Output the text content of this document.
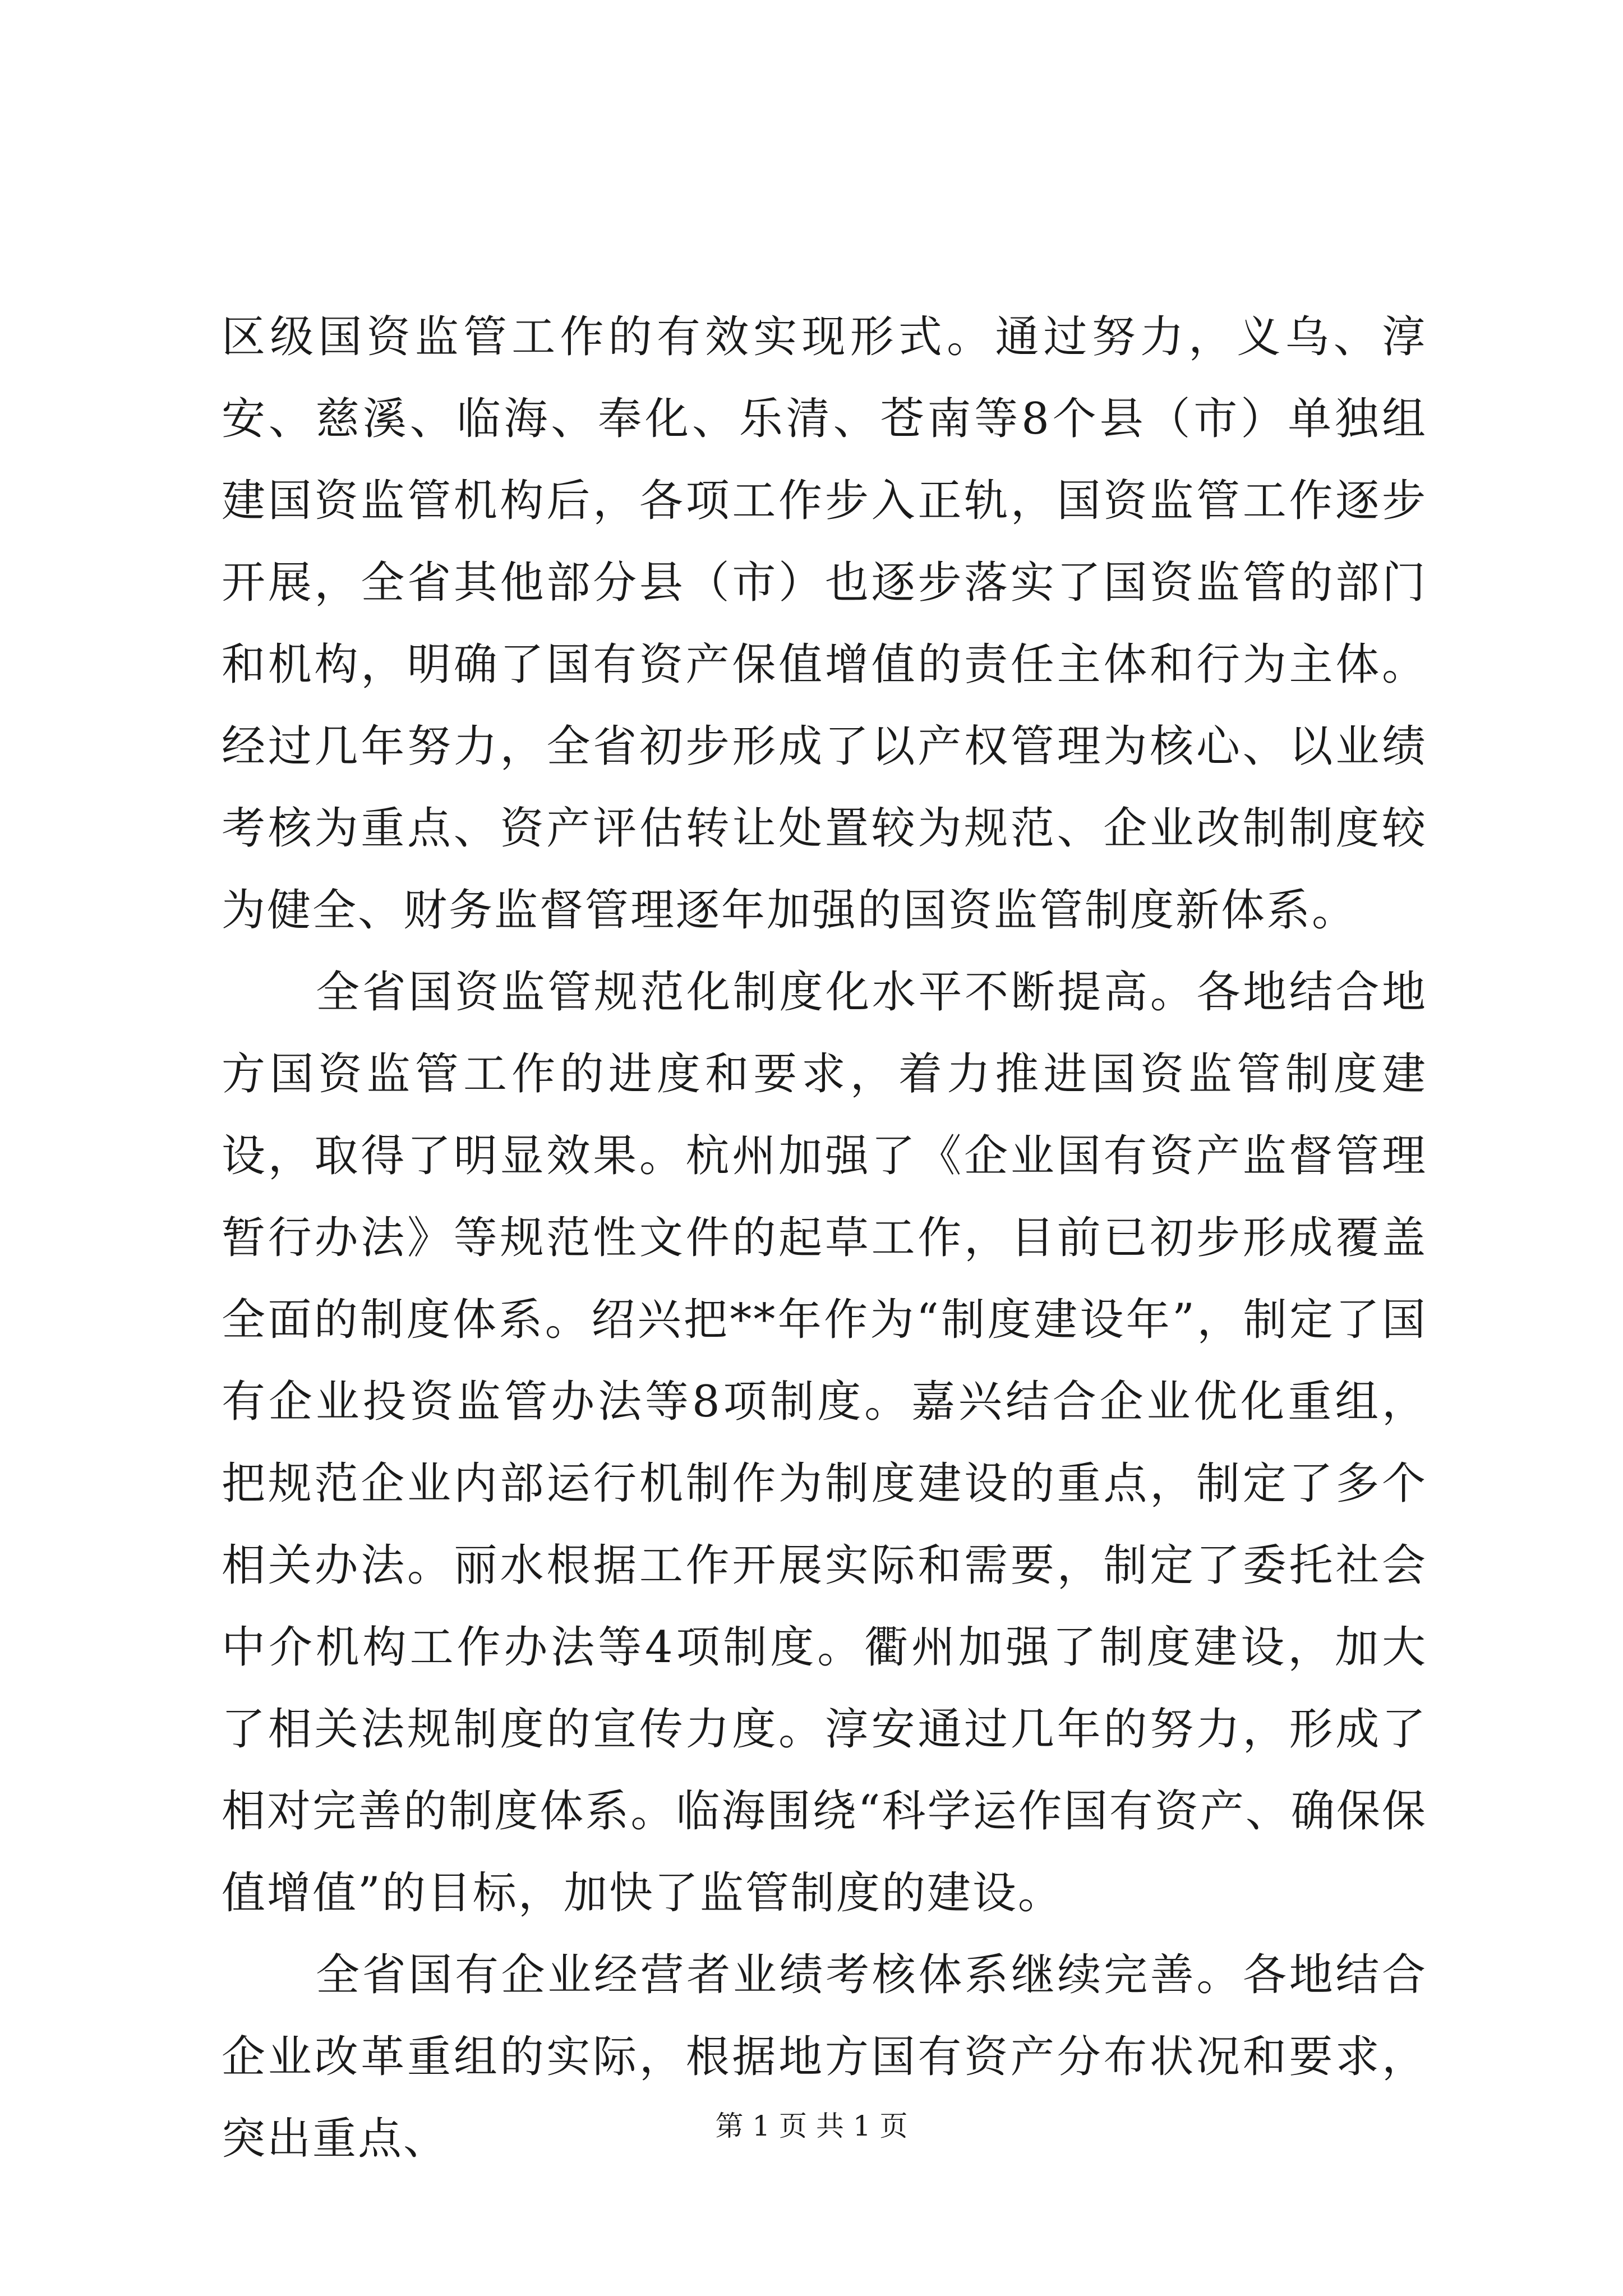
区级国资监管工作的有效实现形式。通过努力，义乌、淳安、慈溪、临海、奉化、乐清、苍南等8个县（市）单独组建国资监管机构后，各项工作步入正轨，国资监管工作逐步开展，全省其他部分县（市）也逐步落实了国资监管的部门和机构，明确了国有资产保值增值的责任主体和行为主体。经过几年努力，全省初步形成了以产权管理为核心、以业绩考核为重点、资产评估转让处置较为规范、企业改制制度较为健全、财务监督管理逐年加强的国资监管制度新体系。

全省国资监管规范化制度化水平不断提高。各地结合地方国资监管工作的进度和要求，着力推进国资监管制度建设，取得了明显效果。杭州加强了《企业国有资产监督管理暂行办法》等规范性文件的起草工作，目前已初步形成覆盖全面的制度体系。绍兴把**年作为“制度建设年”，制定了国有企业投资监管办法等8项制度。嘉兴结合企业优化重组，把规范企业内部运行机制作为制度建设的重点，制定了多个相关办法。丽水根据工作开展实际和需要，制定了委托社会中介机构工作办法等4项制度。衢州加强了制度建设，加大了相关法规制度的宣传力度。淳安通过几年的努力，形成了相对完善的制度体系。临海围绕“科学运作国有资产、确保保值增值”的目标，加快了监管制度的建设。

全省国有企业经营者业绩考核体系继续完善。各地结合企业改革重组的实际，根据地方国有资产分布状况和要求，突出重点、	第 1 页 共 1 页
